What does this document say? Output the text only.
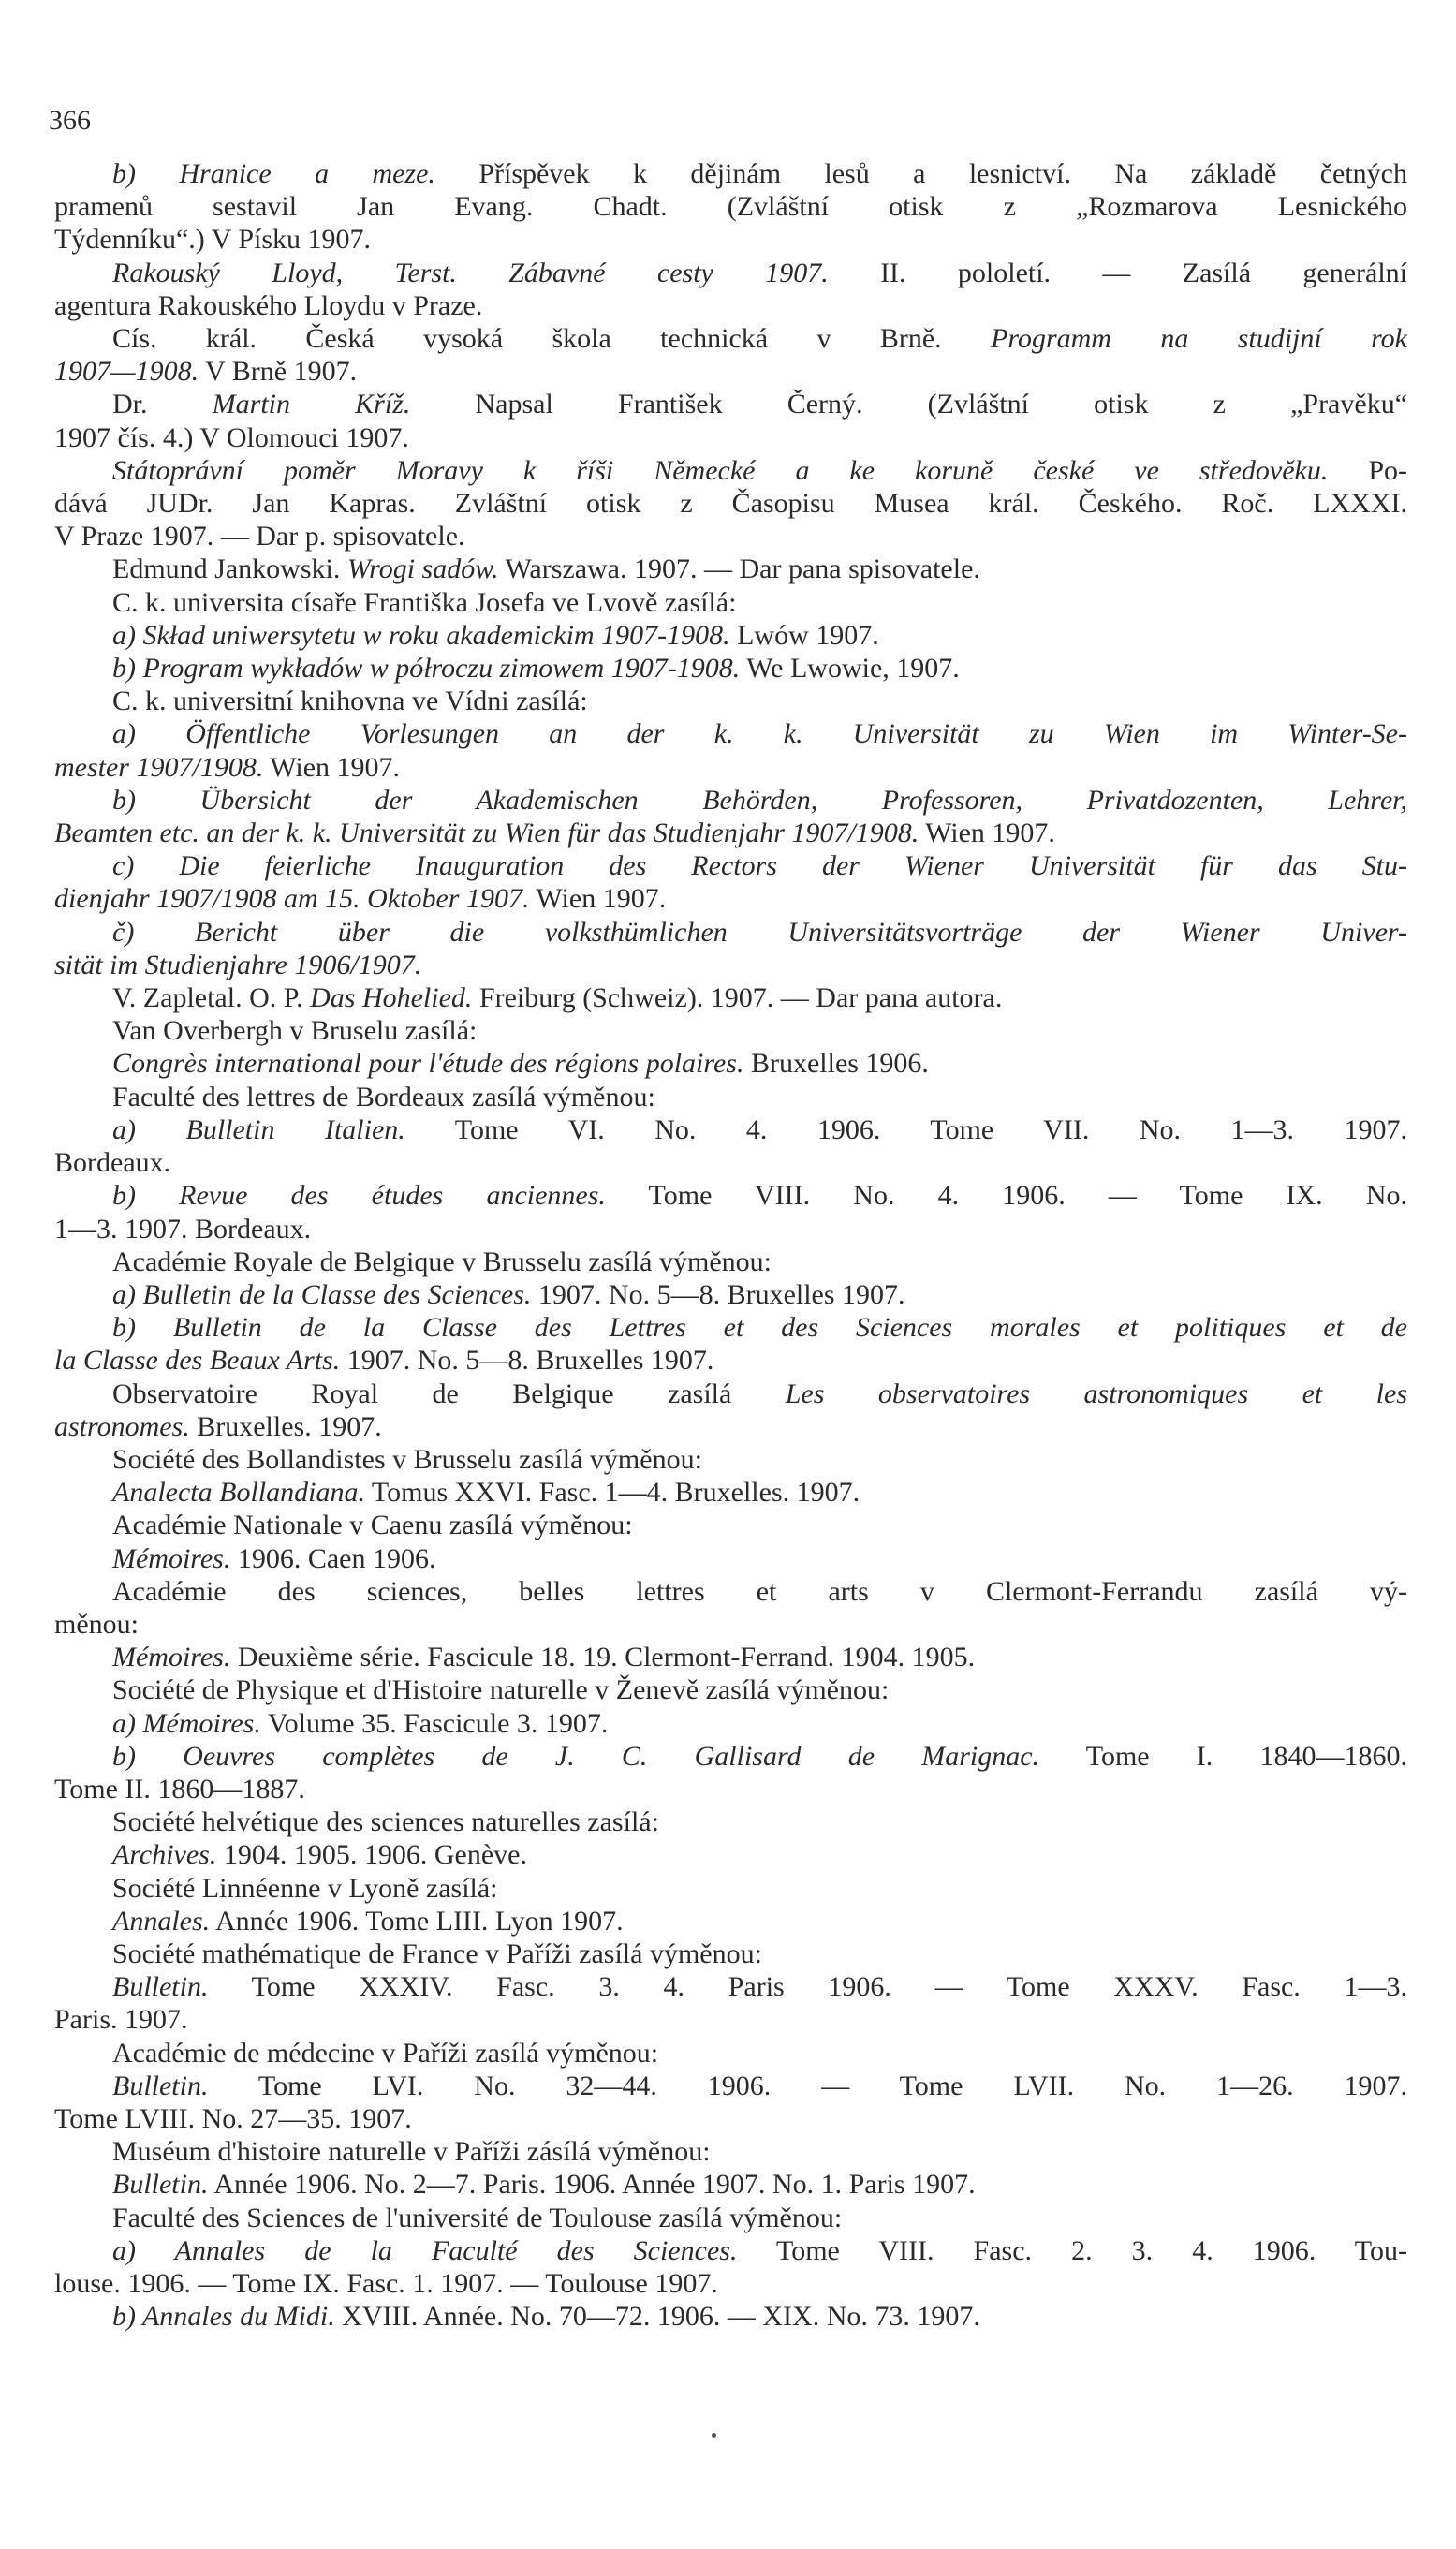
366
b) Hranice a meze. Příspěvek k dějinám lesů a lesnictví. Na základě četných
pramenů sestavil Jan Evang. Chadt. (Zvláštní otisk z „Rozmarova Lesnického
Týdenníku“.) V Písku 1907.
Rakouský Lloyd, Terst. Zábavné cesty 1907. II. pololetí. — Zasílá generální
agentura Rakouského Lloydu v Praze.
Cís. král. Česká vysoká škola technická v Brně. Programm na studijní rok
1907—1908. V Brně 1907.
Dr. Martin Kříž. Napsal František Černý. (Zvláštní otisk z „Pravěku“
1907 čís. 4.) V Olomouci 1907.
Státoprávní poměr Moravy k říši Německé a ke koruně české ve středověku. Po-
dává JUDr. Jan Kapras. Zvláštní otisk z Časopisu Musea král. Českého. Roč. LXXXI.
V Praze 1907. — Dar p. spisovatele.
Edmund Jankowski. Wrogi sadów. Warszawa. 1907. — Dar pana spisovatele.
C. k. universita císaře Františka Josefa ve Lvově zasílá:
a) Skład uniwersytetu w roku akademickim 1907-1908. Lwów 1907.
b) Program wykładów w półroczu zimowem 1907-1908. We Lwowie, 1907.
C. k. universitní knihovna ve Vídni zasílá:
a) Öffentliche Vorlesungen an der k. k. Universität zu Wien im Winter-Se-
mester 1907/1908. Wien 1907.
b) Übersicht der Akademischen Behörden, Professoren, Privatdozenten, Lehrer,
Beamten etc. an der k. k. Universität zu Wien für das Studienjahr 1907/1908. Wien 1907.
c) Die feierliche Inauguration des Rectors der Wiener Universität für das Stu-
dienjahr 1907/1908 am 15. Oktober 1907. Wien 1907.
č) Bericht über die volksthümlichen Universitätsvorträge der Wiener Univer-
sität im Studienjahre 1906/1907.
V. Zapletal. O. P. Das Hohelied. Freiburg (Schweiz). 1907. — Dar pana autora.
Van Overbergh v Bruselu zasílá:
Congrès international pour l'étude des régions polaires. Bruxelles 1906.
Faculté des lettres de Bordeaux zasílá výměnou:
a) Bulletin Italien. Tome VI. No. 4. 1906. Tome VII. No. 1—3. 1907.
Bordeaux.
b) Revue des études anciennes. Tome VIII. No. 4. 1906. — Tome IX. No.
1—3. 1907. Bordeaux.
Académie Royale de Belgique v Brusselu zasílá výměnou:
a) Bulletin de la Classe des Sciences. 1907. No. 5—8. Bruxelles 1907.
b) Bulletin de la Classe des Lettres et des Sciences morales et politiques et de
la Classe des Beaux Arts. 1907. No. 5—8. Bruxelles 1907.
Observatoire Royal de Belgique zasílá Les observatoires astronomiques et les
astronomes. Bruxelles. 1907.
Société des Bollandistes v Brusselu zasílá výměnou:
Analecta Bollandiana. Tomus XXVI. Fasc. 1—4. Bruxelles. 1907.
Académie Nationale v Caenu zasílá výměnou:
Mémoires. 1906. Caen 1906.
Académie des sciences, belles lettres et arts v Clermont-Ferrandu zasílá vý-
měnou:
Mémoires. Deuxième série. Fascicule 18. 19. Clermont-Ferrand. 1904. 1905.
Société de Physique et d'Histoire naturelle v Ženevě zasílá výměnou:
a) Mémoires. Volume 35. Fascicule 3. 1907.
b) Oeuvres complètes de J. C. Gallisard de Marignac. Tome I. 1840—1860.
Tome II. 1860—1887.
Société helvétique des sciences naturelles zasílá:
Archives. 1904. 1905. 1906. Genève.
Société Linnéenne v Lyoně zasílá:
Annales. Année 1906. Tome LIII. Lyon 1907.
Société mathématique de France v Paříži zasílá výměnou:
Bulletin. Tome XXXIV. Fasc. 3. 4. Paris 1906. — Tome XXXV. Fasc. 1—3.
Paris. 1907.
Académie de médecine v Paříži zasílá výměnou:
Bulletin. Tome LVI. No. 32—44. 1906. — Tome LVII. No. 1—26. 1907.
Tome LVIII. No. 27—35. 1907.
Muséum d'histoire naturelle v Paříži zásílá výměnou:
Bulletin. Année 1906. No. 2—7. Paris. 1906. Année 1907. No. 1. Paris 1907.
Faculté des Sciences de l'université de Toulouse zasílá výměnou:
a) Annales de la Faculté des Sciences. Tome VIII. Fasc. 2. 3. 4. 1906. Tou-
louse. 1906. — Tome IX. Fasc. 1. 1907. — Toulouse 1907.
b) Annales du Midi. XVIII. Année. No. 70—72. 1906. — XIX. No. 73. 1907.
